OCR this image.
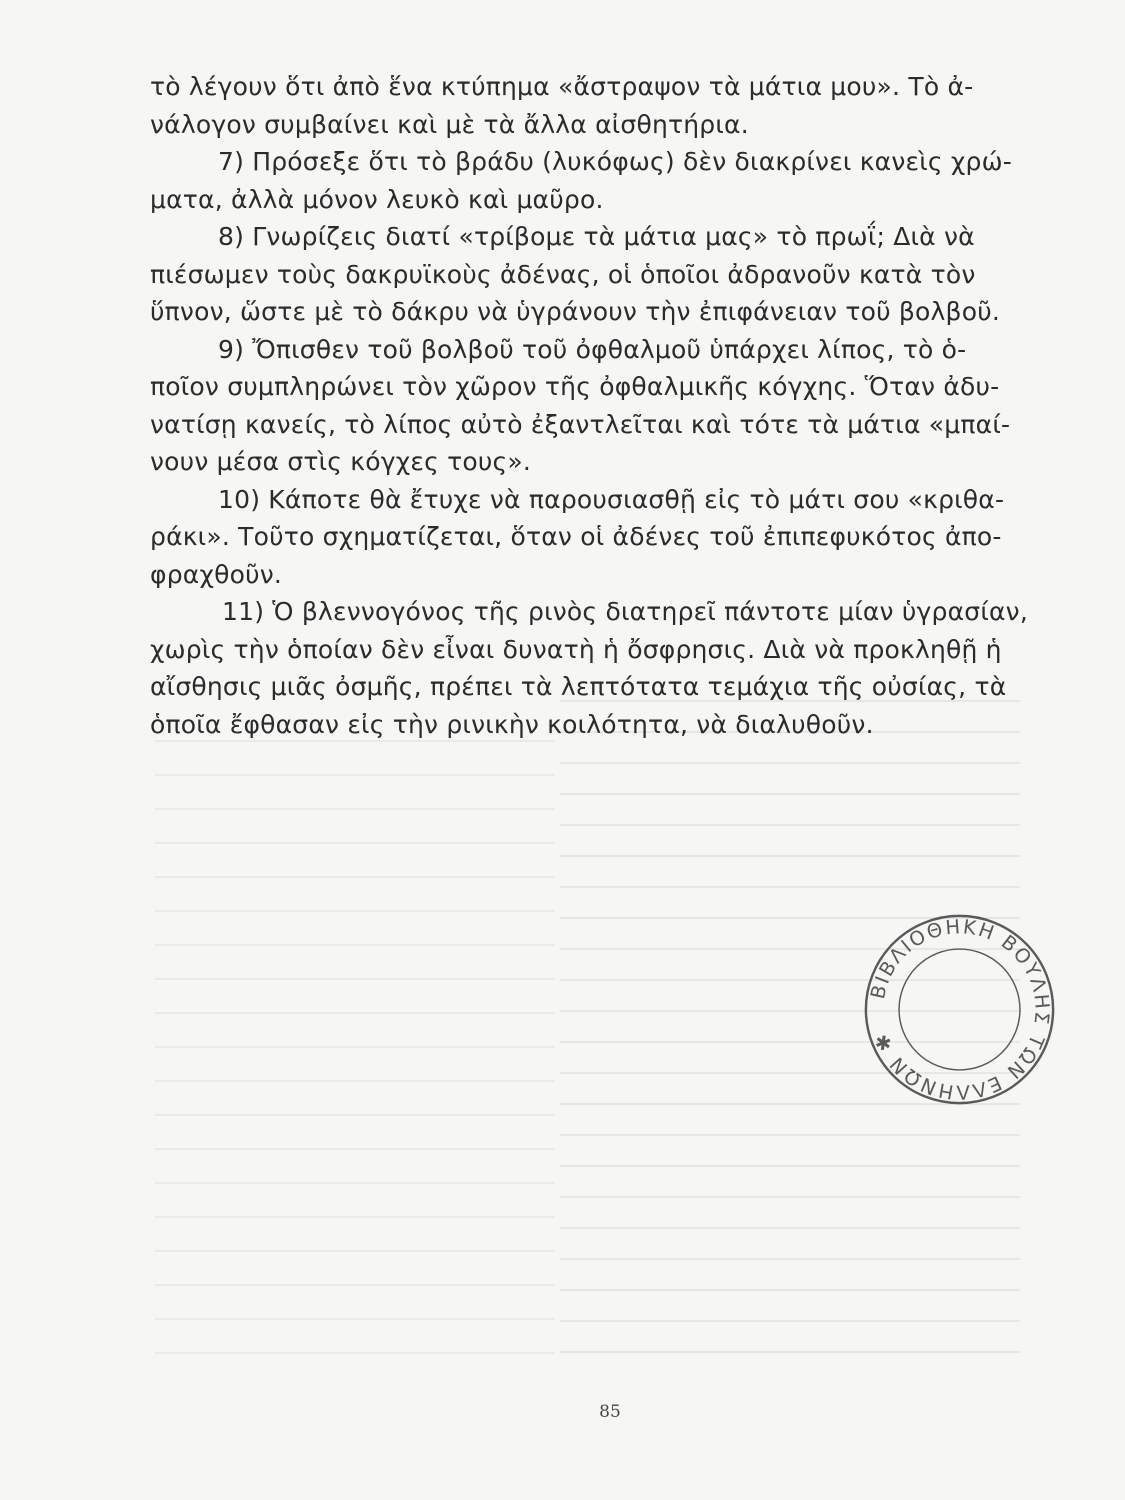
τὸ λέγουν ὅτι ἀπὸ ἕνα κτύπημα «ἄστραψον τὰ μάτια μου». Τὸ ἀ-
νάλογον συμβαίνει καὶ μὲ τὰ ἄλλα αἰσθητήρια.
7) Πρόσεξε ὅτι τὸ βράδυ (λυκόφως) δὲν διακρίνει κανεὶς χρώ-
ματα, ἀλλὰ μόνον λευκὸ καὶ μαῦρο.
8) Γνωρίζεις διατί «τρίβομε τὰ μάτια μας» τὸ πρωΐ; Διὰ νὰ
πιέσωμεν τοὺς δακρυϊκοὺς ἀδένας, οἱ ὁποῖοι ἀδρανοῦν κατὰ τὸν
ὕπνον, ὥστε μὲ τὸ δάκρυ νὰ ὑγράνουν τὴν ἐπιφάνειαν τοῦ βολβοῦ.
9) Ὄπισθεν τοῦ βολβοῦ τοῦ ὀφθαλμοῦ ὑπάρχει λίπος, τὸ ὁ-
ποῖον συμπληρώνει τὸν χῶρον τῆς ὀφθαλμικῆς κόγχης. Ὅταν ἀδυ-
νατίσῃ κανείς, τὸ λίπος αὐτὸ ἐξαντλεῖται καὶ τότε τὰ μάτια «μπαί-
νουν μέσα στὶς κόγχες τους».
10) Κάποτε θὰ ἔτυχε νὰ παρουσιασθῇ εἰς τὸ μάτι σου «κριθα-
ράκι». Τοῦτο σχηματίζεται, ὅταν οἱ ἀδένες τοῦ ἐπιπεφυκότος ἀπο-
φραχθοῦν.
11) Ὁ βλεννογόνος τῆς ρινὸς διατηρεῖ πάντοτε μίαν ὑγρασίαν,
χωρὶς τὴν ὁποίαν δὲν εἶναι δυνατὴ ἡ ὄσφρησις. Διὰ νὰ προκληθῇ ἡ
αἴσθησις μιᾶς ὀσμῆς, πρέπει τὰ λεπτότατα τεμάχια τῆς οὐσίας, τὰ
ὁποῖα ἔφθασαν εἰς τὴν ρινικὴν κοιλότητα, νὰ διαλυθοῦν.
ΒΙΒΛΙΟΘΗΚΗ ΒΟΥΛΗΣ ΤΩΝ ΕΛΛΗΝΩΝ ✱
85
